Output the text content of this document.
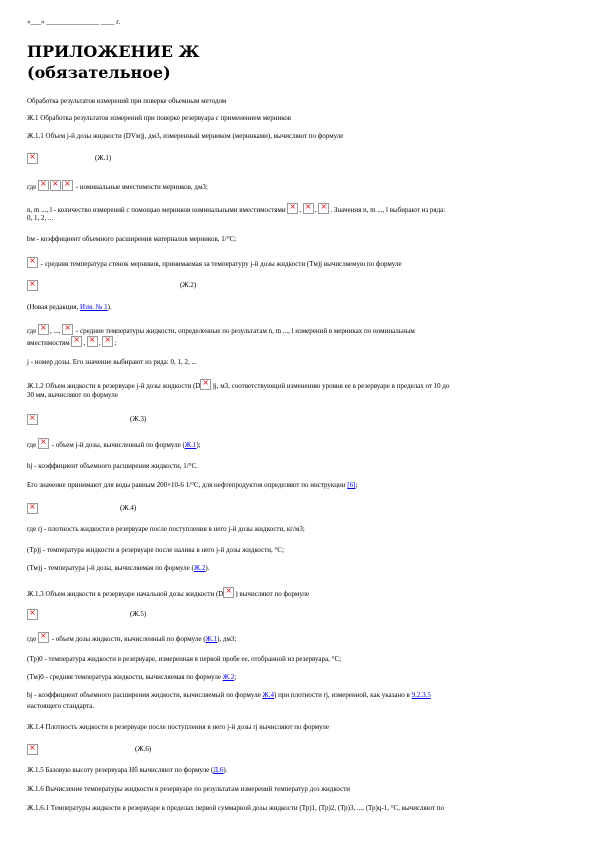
«___» _______________ ____ г.
ПРИЛОЖЕНИЕ Ж
(обязательное)
Обработка результатов измерений при поверке объемным методом
Ж.1 Обработка результатов измерений при поверке резервуара с применением мерников
Ж.1.1 Объем j-й дозы жидкости (DVм)j, дм3, измеренный мерником (мерниками), вычисляют по формуле
×
(Ж.1)
где × × ×	- номинальные вместимости мерников, дм3;
n, m ..., l - количество измерений с помощью мерников номинальными вместимостями × , ×, ×. Значения n, m ..., l выбирают из ряда:
0, 1, 2, ...
bм - коэффициент объемного расширения материалов мерников, 1/°С;
× - средняя температура стенок мерников, принимаемая за температуру j-й дозы жидкости (Тм)j вычисляемую по формуле
×
(Ж.2)
(Новая редакция, Изм. № 1).
где × , ..., × - средние температуры жидкости, определенные по результатам n, m ..., l измерений в мерниках по номинальным
вместимостям × , ×, ×;
j - номер дозы. Его значение выбирают из ряда: 0, 1, 2, ...
Ж.1.2 Объем жидкости в резервуаре j-й дозы жидкости (D × )j, м3, соответствующий изменению уровня ее в резервуаре в пределах от 10 до
30 мм, вычисляют по формуле
×
(Ж.3)
где × - объем j-й дозы, вычисленный по формуле (Ж.1);
bj - коэффициент объемного расширения жидкости, 1/°С.
Его значение принимают для воды равным 200×10-6 1/°С, для нефтепродуктов определяют по инструкции [6];
×
(Ж.4)
где rj - плотность жидкости в резервуаре после поступления в него j-й дозы жидкости, кг/м3;
(Тр)j - температура жидкости в резервуаре после налива в него j-й дозы жидкости, °С;
(Тм)j - температура j-й дозы, вычисляемая по формуле (Ж.2).
Ж.1.3 Объем жидкости в резервуаре начальной дозы жидкости (D × ) вычисляют по формуле
×
(Ж.5)
где × - объем дозы жидкости, вычисленный по формуле (Ж.1), дм3;
(Тр)0 - температура жидкости в резервуаре, измеренная в первой пробе ее, отобранной из резервуара, °С;
(Тм)0 - средняя температура жидкости, вычисляемая по формуле Ж.2;
bj - коэффициент объемного расширения жидкости, вычисляемый по формуле Ж.4) при плотности rj, измеренной, как указано в 9.2.3.5
настоящего стандарта.
Ж.1.4 Плотность жидкости в резервуаре после поступления в него j-й дозы rj вычисляют по формуле
×
(Ж.6)
Ж.1.5 Базовую высоту резервуара Нб вычисляют по формуле (Д.6).
Ж.1.6 Вычисление температуры жидкости в резервуаре по результатам измерений температур доз жидкости
Ж.1.6.1 Температуры жидкости в резервуаре в пределах первой суммарной дозы жидкости (Тр)1, (Тр)2, (Тр)3, ..., (Тр)q-1, °С, вычисляют по
